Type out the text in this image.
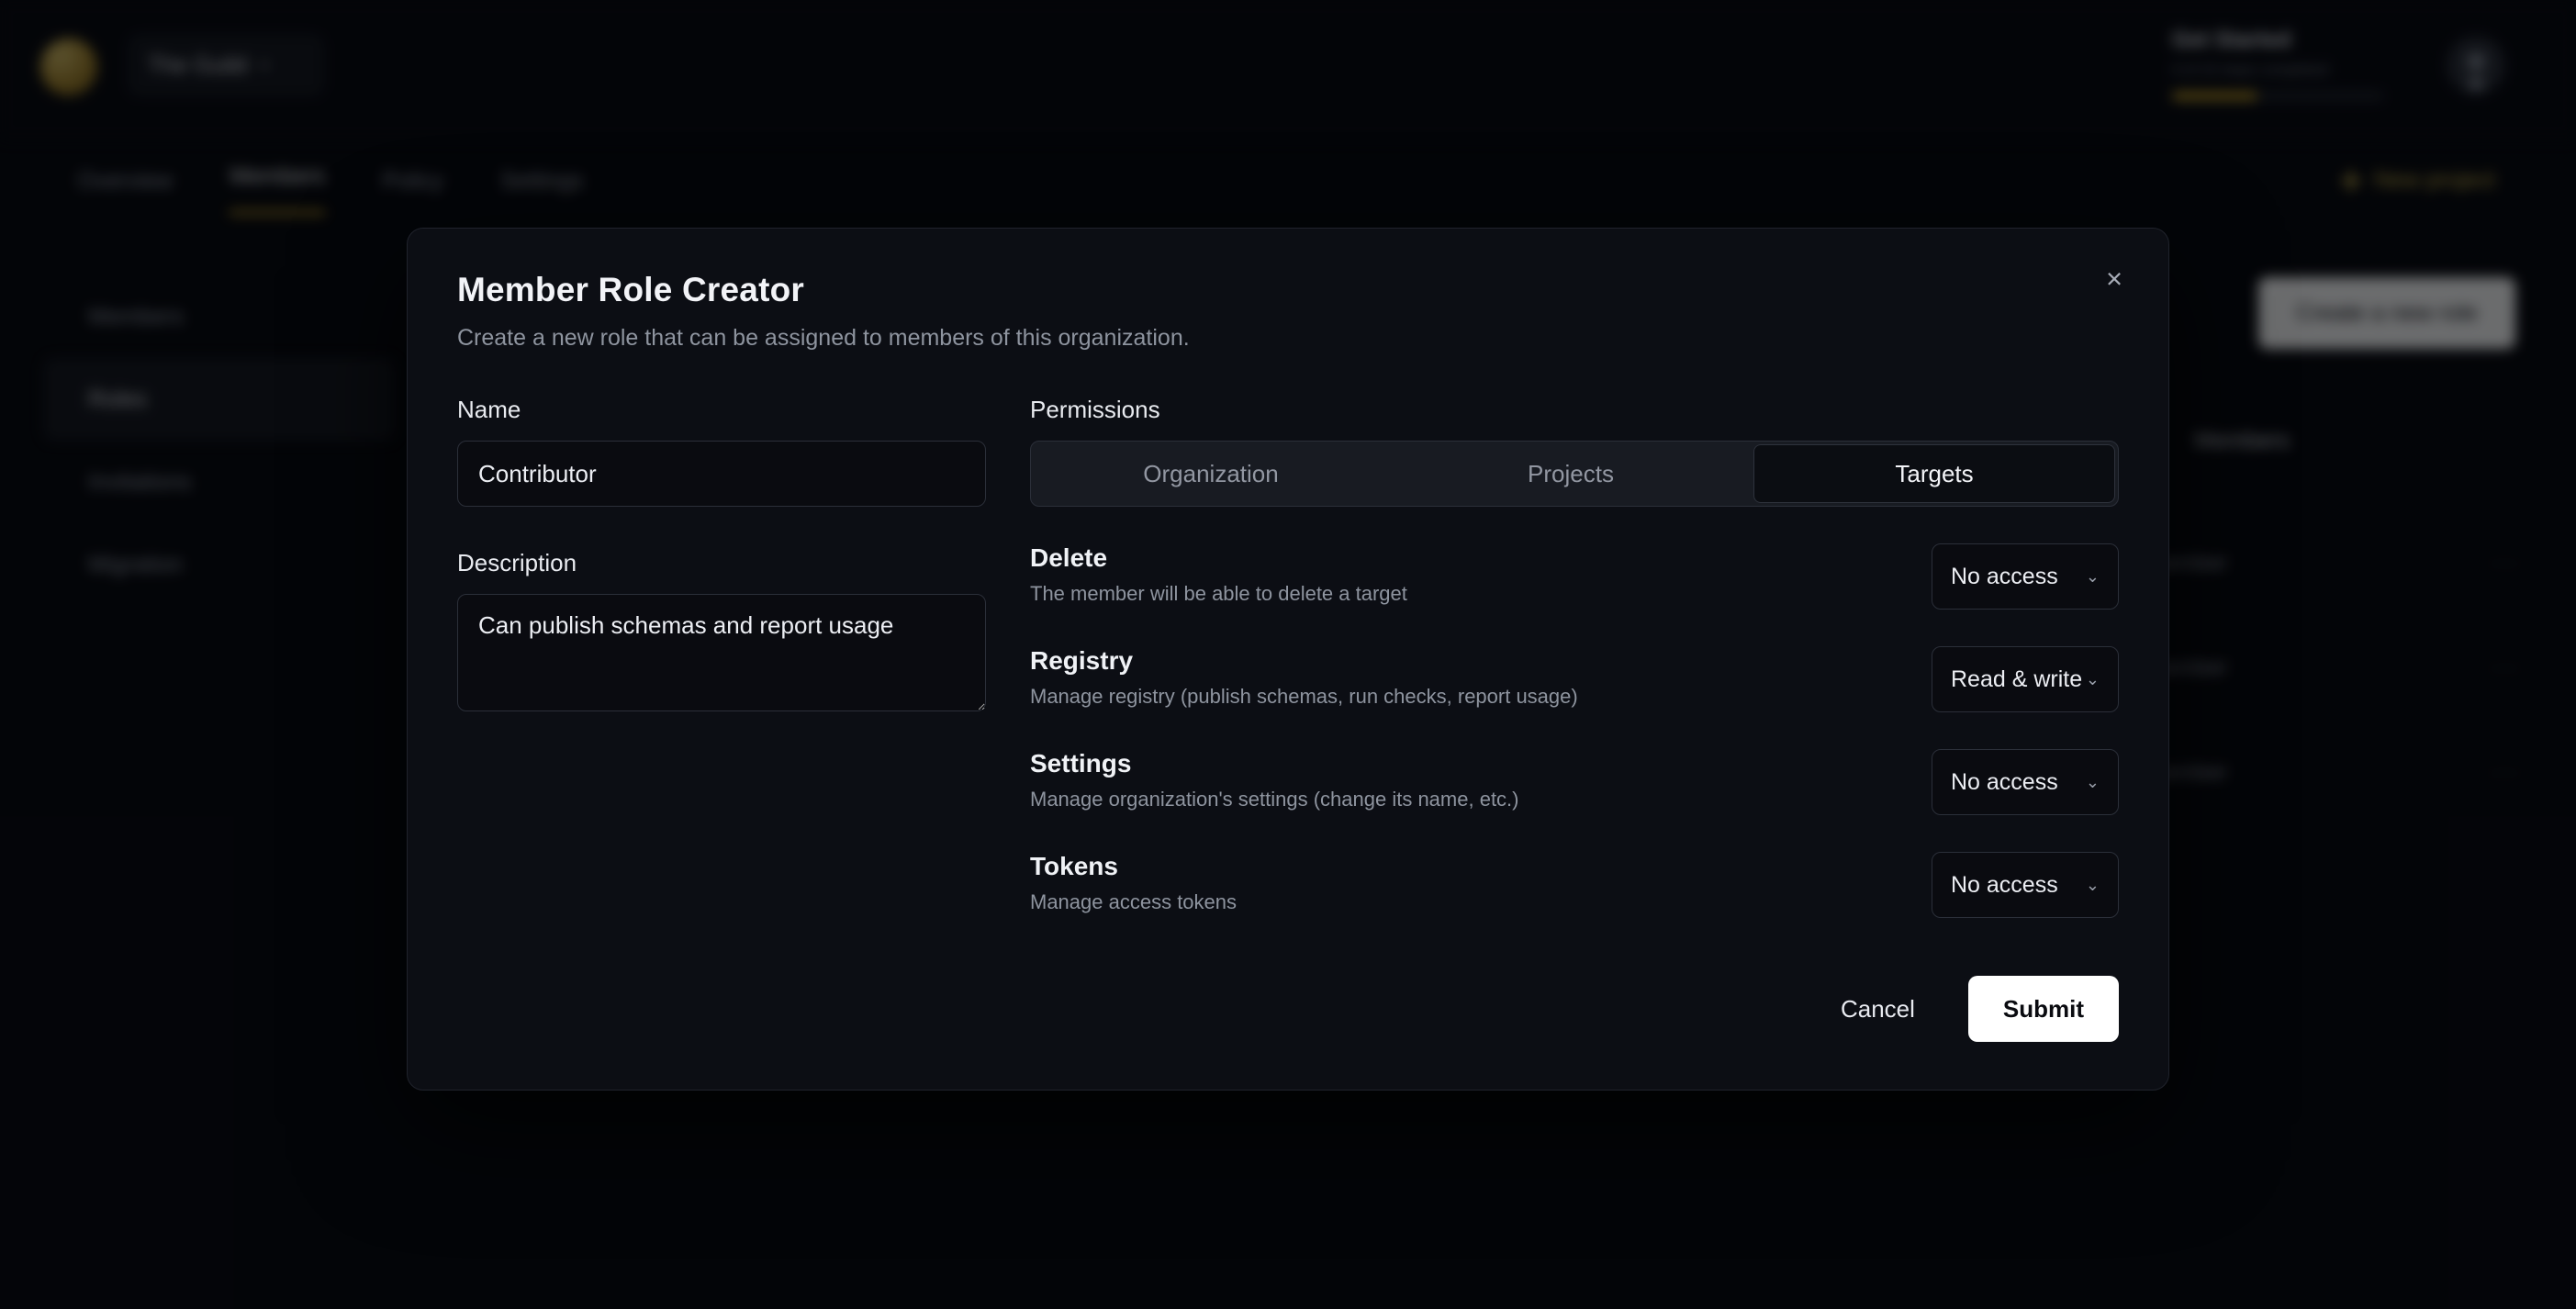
Member Role Creator
Create a new role that can be assigned to members of this organization.
×
Name
Contributor
Description
Can publish schemas and report usage
Permissions
Organization	Projects	Targets
Delete
The member will be able to delete a target
No access ⌄
Registry
Manage registry (publish schemas, run checks, report usage)
Read & write ⌄
Settings
Manage organization's settings (change its name, etc.)
No access ⌄
Tokens
Manage access tokens
No access ⌄
Cancel	Submit
